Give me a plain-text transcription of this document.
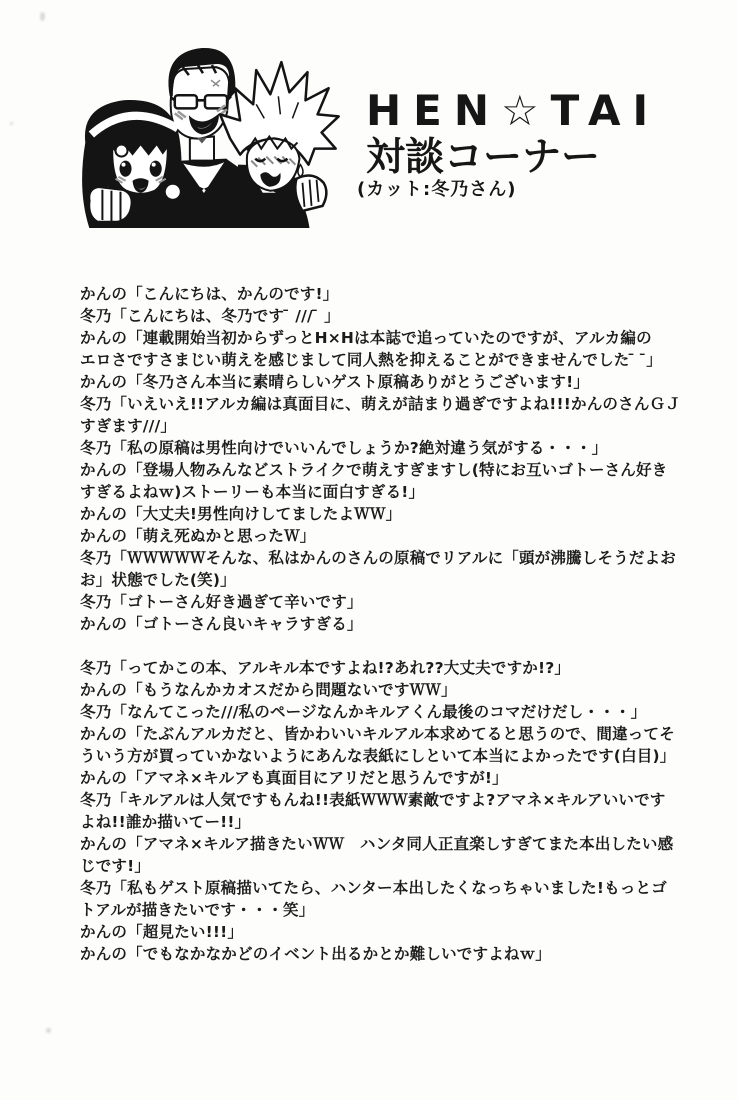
HEN☆TAI
対談コーナー
(カット:冬乃さん)
かんの「こんにちは、かんのです!」
冬乃「こんにちは、冬乃です ̄ /// ̄ 」
かんの「連載開始当初からずっとH×Hは本誌で追っていたのですが、アルカ編の
エロさですさまじい萌えを感じまして同人熱を抑えることができませんでした ̄  ̄」
かんの「冬乃さん本当に素晴らしいゲスト原稿ありがとうございます!」
冬乃「いえいえ!!アルカ編は真面目に、萌えが詰まり過ぎですよね!!!かんのさんＧＪ
すぎます///」
冬乃「私の原稿は男性向けでいいんでしょうか?絶対違う気がする・・・」
かんの「登場人物みんなどストライクで萌えすぎますし(特にお互いゴトーさん好き
すぎるよねｗ)ストーリーも本当に面白すぎる!」
かんの「大丈夫!男性向けしてましたよＷＷ」
かんの「萌え死ぬかと思ったＷ」
冬乃「ＷＷＷＷＷそんな、私はかんのさんの原稿でリアルに「頭が沸騰しそうだよお
お」状態でした(笑)」
冬乃「ゴトーさん好き過ぎて辛いです」
かんの「ゴトーさん良いキャラすぎる」

冬乃「ってかこの本、アルキル本ですよね!?あれ??大丈夫ですか!?」
かんの「もうなんかカオスだから問題ないですＷＷ」
冬乃「なんてこった///私のページなんかキルアくん最後のコマだけだし・・・」
かんの「たぶんアルカだと、皆かわいいキルアル本求めてると思うので、間違ってそ
ういう方が買っていかないようにあんな表紙にしといて本当によかったです(白目)」
かんの「アマネ×キルアも真面目にアリだと思うんですが!」
冬乃「キルアルは人気ですもんね!!表紙ＷＷＷ素敵ですよ?アマネ×キルアいいです
よね!!誰か描いてー!!」
かんの「アマネ×キルア描きたいＷＷ　ハンタ同人正直楽しすぎてまた本出したい感
じです!」
冬乃「私もゲスト原稿描いてたら、ハンター本出したくなっちゃいました!もっとゴ
トアルが描きたいです・・・笑」
かんの「超見たい!!!」
かんの「でもなかなかどのイベント出るかとか難しいですよねｗ」
